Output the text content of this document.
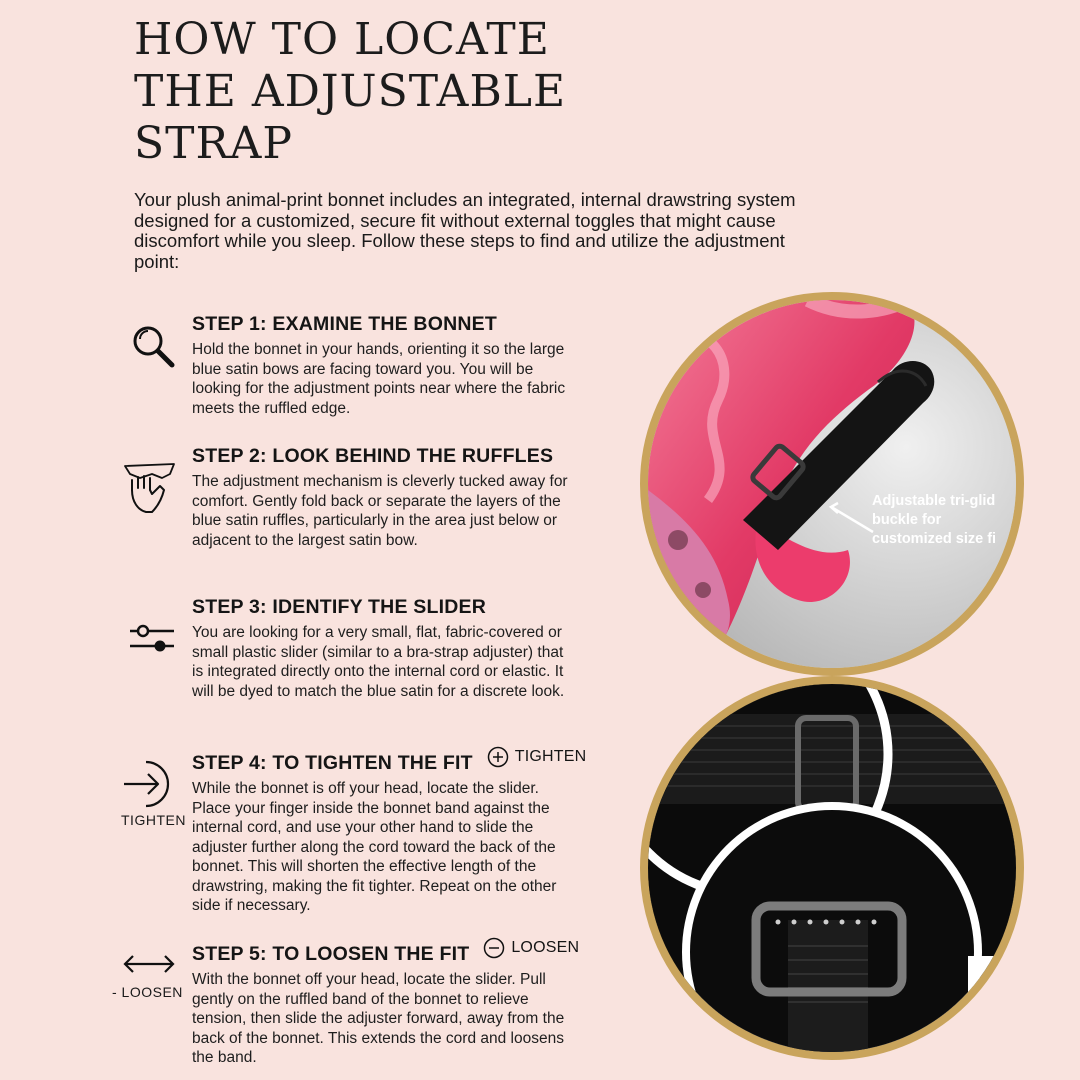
HOW TO LOCATE
THE ADJUSTABLE
STRAP

Your plush animal-print bonnet includes an integrated, internal drawstring system designed for a customized, secure fit without external toggles that might cause discomfort while you sleep. Follow these steps to find and utilize the adjustment point:

STEP 1: EXAMINE THE BONNET

Hold the bonnet in your hands, orienting it so the large blue satin bows are facing toward you. You will be looking for the adjustment points near where the fabric meets the ruffled edge.

STEP 2: LOOK BEHIND THE RUFFLES

The adjustment mechanism is cleverly tucked away for comfort. Gently fold back or separate the layers of the blue satin ruffles, particularly in the area just below or adjacent to the largest satin bow.

STEP 3: IDENTIFY THE SLIDER

You are looking for a very small, flat, fabric-covered or small plastic slider (similar to a bra-strap adjuster) that is integrated directly onto the internal cord or elastic. It will be dyed to match the blue satin for a discrete look.

TIGHTEN
STEP 4: TO TIGHTEN THE FIT	TIGHTEN

While the bonnet is off your head, locate the slider. Place your finger inside the bonnet band against the internal cord, and use your other hand to slide the adjuster further along the cord toward the back of the bonnet. This will shorten the effective length of the drawstring, making the fit tighter. Repeat on the other side if necessary.

- LOOSEN
STEP 5: TO LOOSEN THE FIT	LOOSEN

With the bonnet off your head, locate the slider. Pull gently on the ruffled band of the bonnet to relieve tension, then slide the adjuster forward, away from the back of the bonnet. This extends the cord and loosens the band.

Adjustable tri-glid
buckle for
customized size fi
